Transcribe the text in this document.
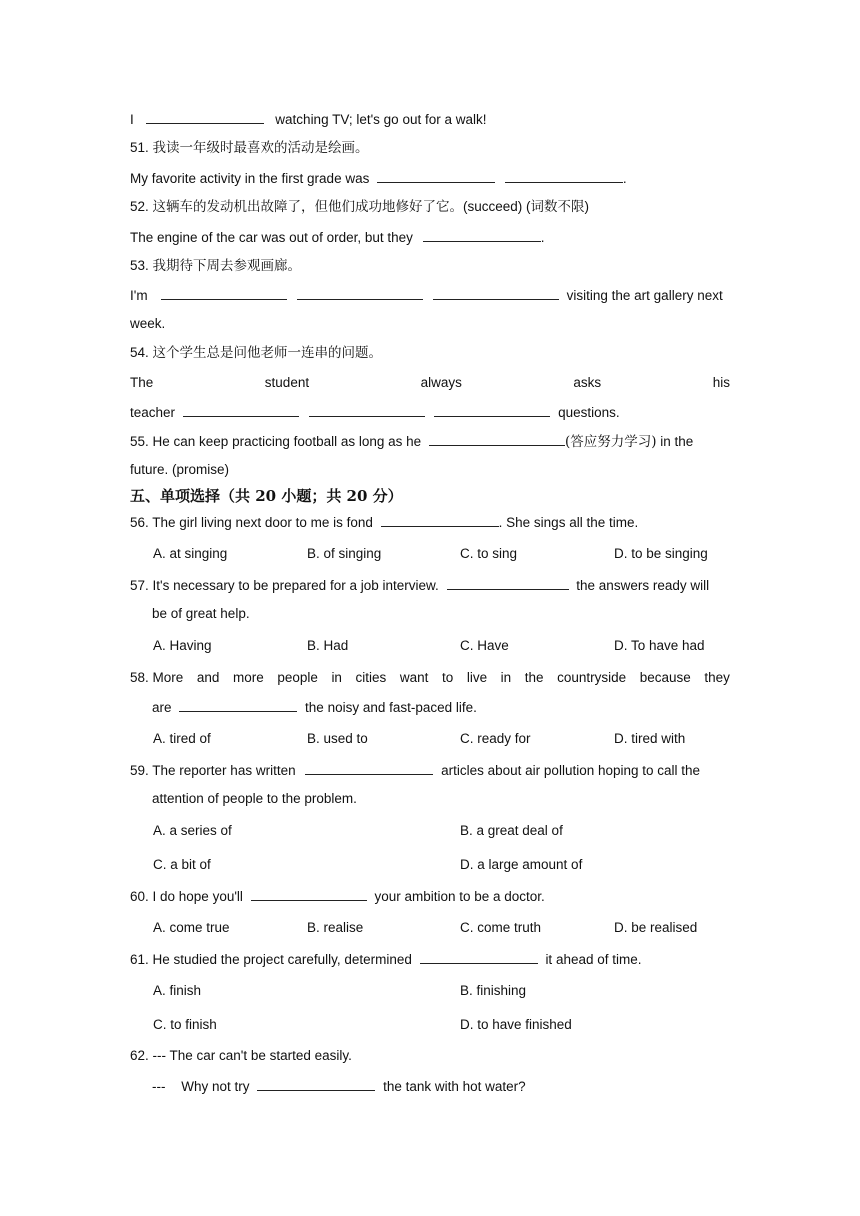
I	watching TV; let's go out for a walk!
51. 我读一年级时最喜欢的活动是绘画。
My favorite activity in the first grade was	.
52. 这辆车的发动机出故障了，但他们成功地修好了它。(succeed) (词数不限)
The engine of the car was out of order, but they	.
53. 我期待下周去参观画廊。
I'm	visiting the art gallery next
week.
54. 这个学生总是问他老师一连串的问题。
The	student	always	asks	his
teacher	questions.
55. He can keep practicing football as long as he	(答应努力学习) in the
future. (promise)
五、单项选择（共 20 小题；共 20 分）
56. The girl living next door to me is fond	. She sings all the time.
A. at singing	B. of singing	C. to sing	D. to be singing
57. It's necessary to be prepared for a job interview.	the answers ready will
be of great help.
A. Having	B. Had	C. Have	D. To have had
58. More and more people in cities want to live in the countryside because they
are	the noisy and fast-paced life.
A. tired of	B. used to	C. ready for	D. tired with
59. The reporter has written	articles about air pollution hoping to call the
attention of people to the problem.
A. a series of	B. a great deal of
C. a bit of	D. a large amount of
60. I do hope you'll	your ambition to be a doctor.
A. come true	B. realise	C. come truth	D. be realised
61. He studied the project carefully, determined	it ahead of time.
A. finish	B. finishing
C. to finish	D. to have finished
62. --- The car can't be started easily.
--- Why not try	the tank with hot water?
